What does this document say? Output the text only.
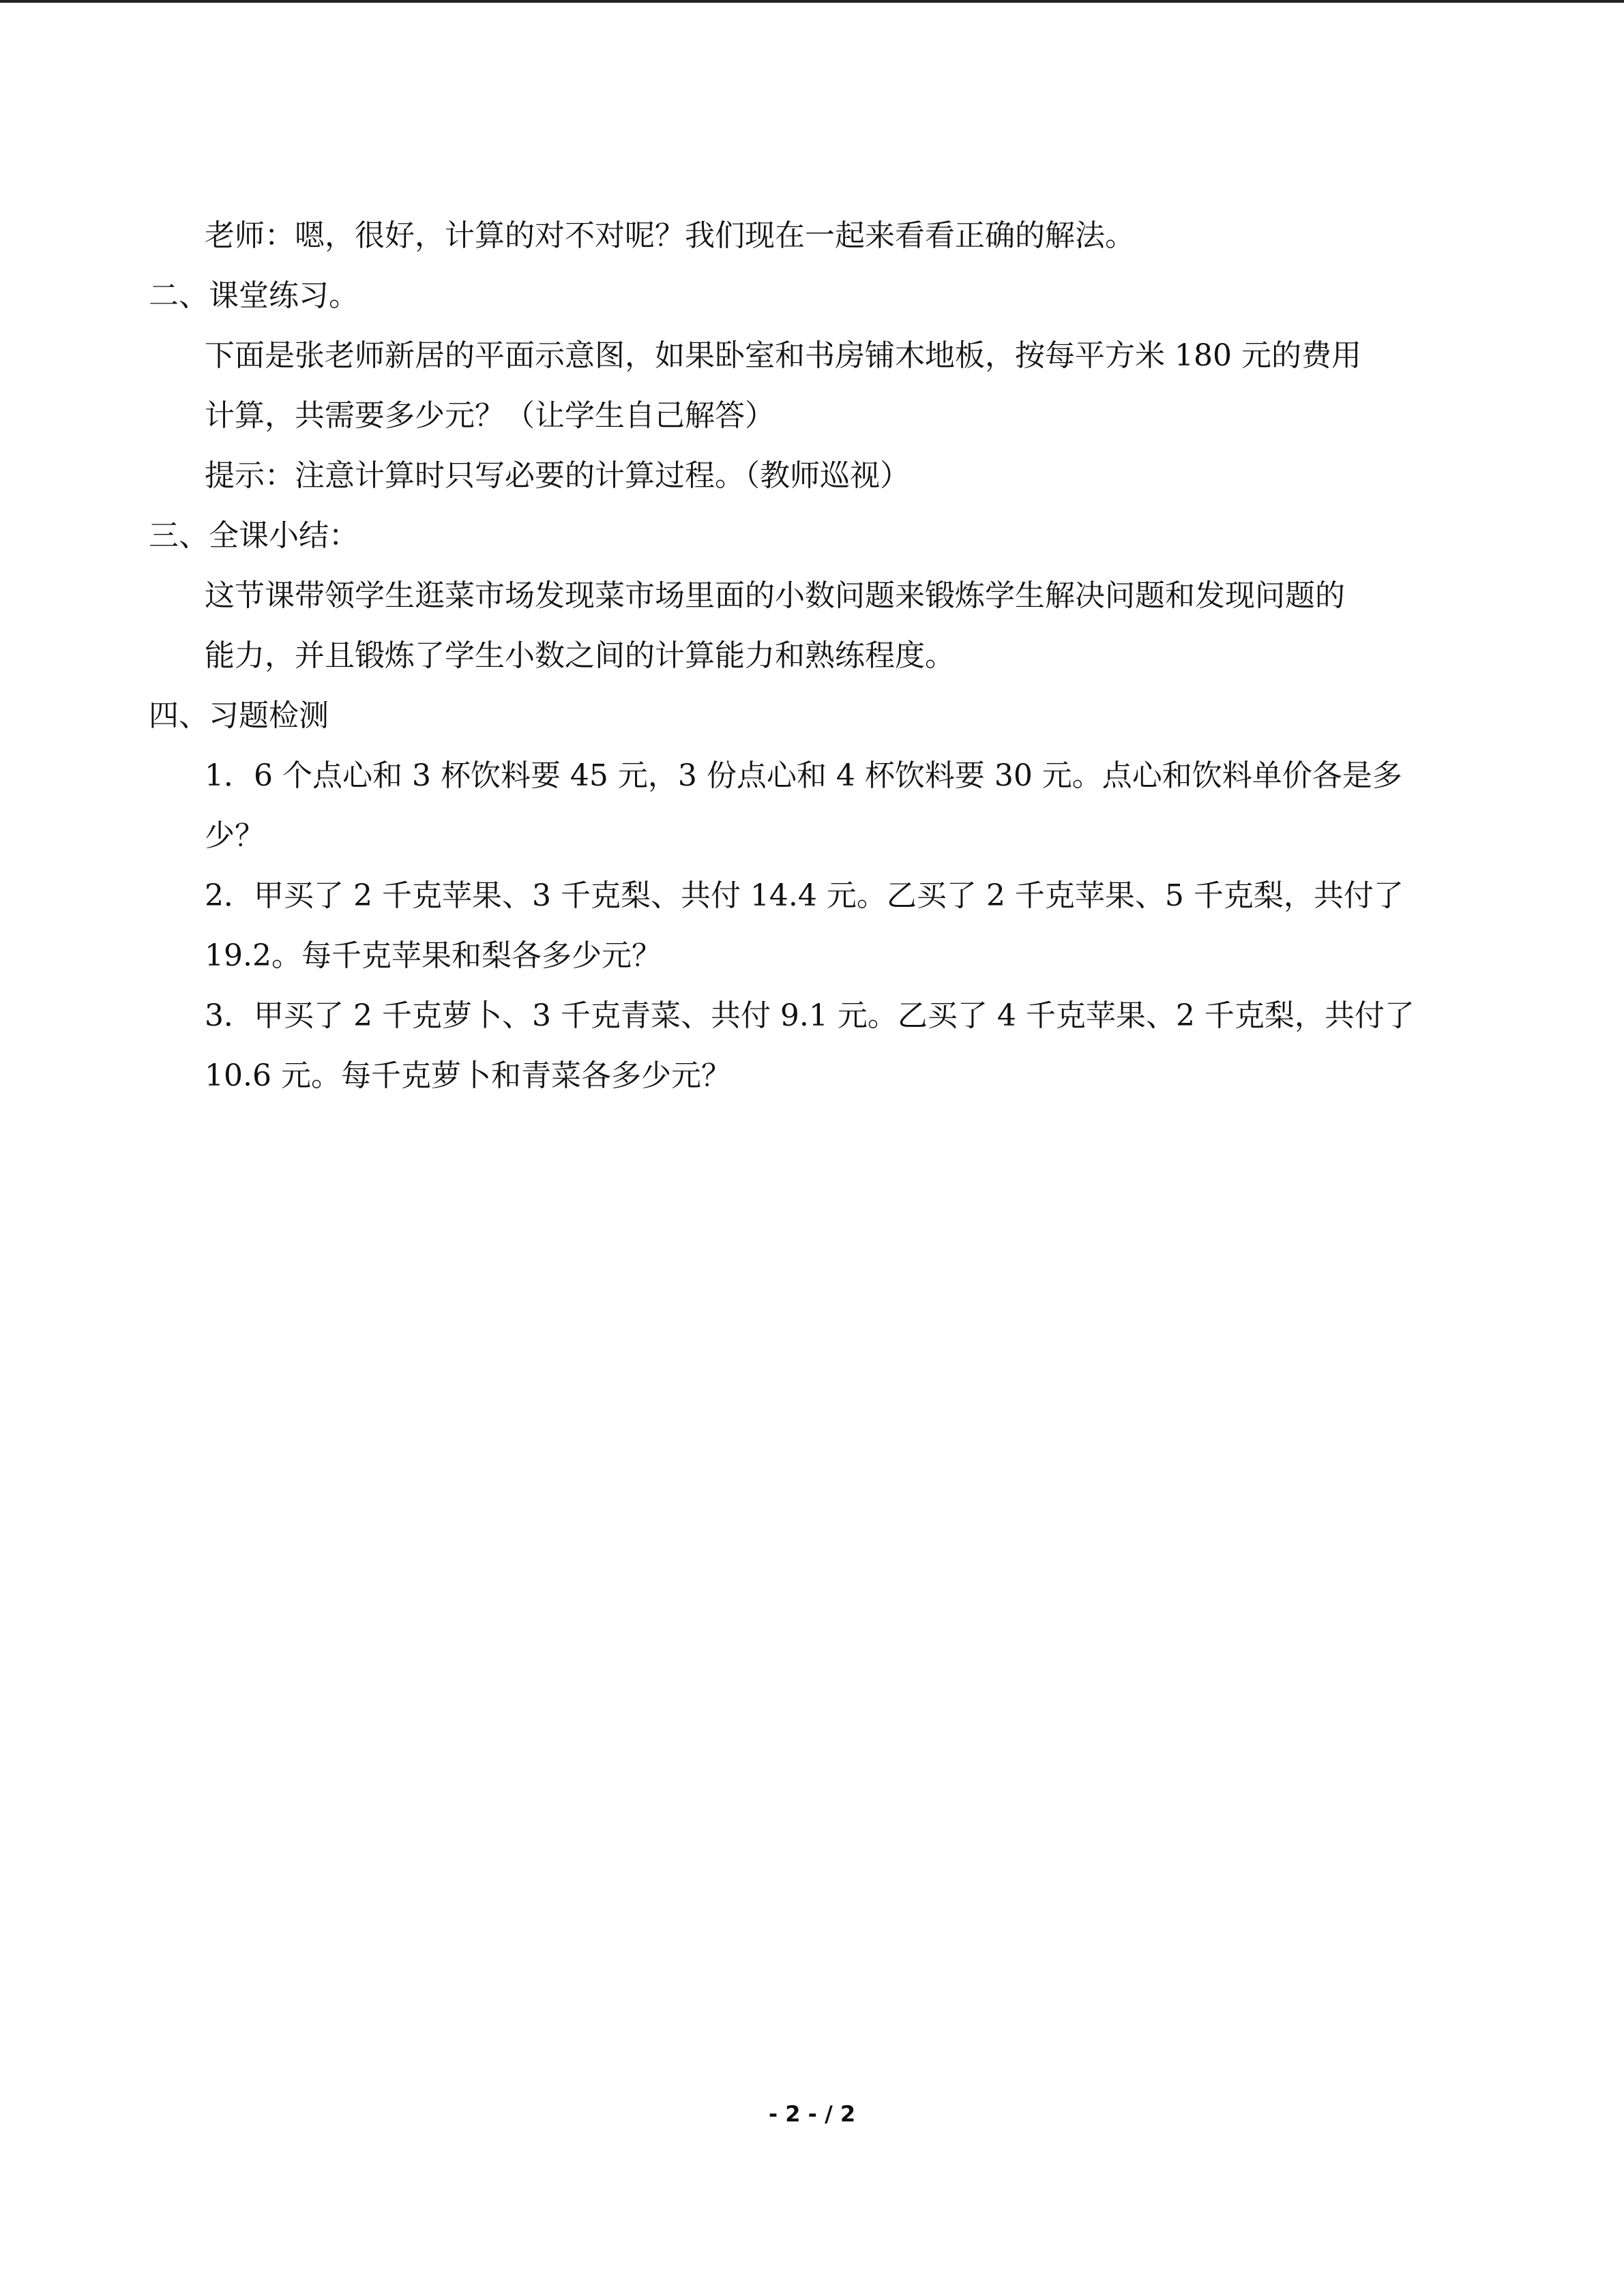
老师：嗯，很好，计算的对不对呢？我们现在一起来看看正确的解法。
二、课堂练习。
下面是张老师新居的平面示意图，如果卧室和书房铺木地板，按每平方米 180 元的费用
计算，共需要多少元？（让学生自己解答）
提示：注意计算时只写必要的计算过程。（教师巡视）
三、全课小结：
这节课带领学生逛菜市场发现菜市场里面的小数问题来锻炼学生解决问题和发现问题的
能力，并且锻炼了学生小数之间的计算能力和熟练程度。
四、习题检测
1．6 个点心和 3 杯饮料要 45 元，3 份点心和 4 杯饮料要 30 元。点心和饮料单价各是多
少？
2．甲买了 2 千克苹果、3 千克梨、共付 14.4 元。乙买了 2 千克苹果、5 千克梨，共付了
19.2。每千克苹果和梨各多少元？
3．甲买了 2 千克萝卜、3 千克青菜、共付 9.1 元。乙买了 4 千克苹果、2 千克梨，共付了
10.6 元。每千克萝卜和青菜各多少元？
- 2 - / 2
